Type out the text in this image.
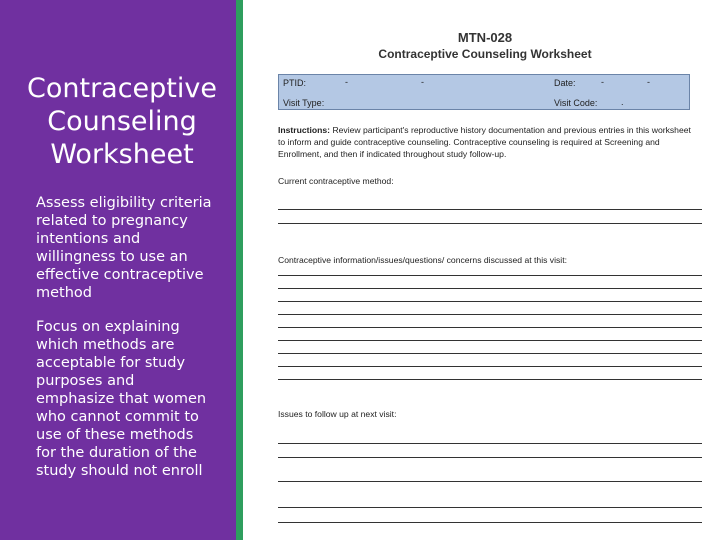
Contraceptive Counseling Worksheet

Assess eligibility criteria related to pregnancy intentions and willingness to use an effective contraceptive method

Focus on explaining which methods are acceptable for study purposes and emphasize that women who cannot commit to use of these methods for the duration of the study should not enroll

MTN-028
Contraceptive Counseling Worksheet
PTID:	-	-	Date:	-	-
Visit Type:	Visit Code:	.

Instructions: Review participant's reproductive history documentation and previous entries in this worksheet to inform and guide contraceptive counseling. Contraceptive counseling is required at Screening and Enrollment, and then if indicated throughout study follow-up.

Current contraceptive method:
Contraceptive information/issues/questions/ concerns discussed at this visit:
Issues to follow up at next visit:
